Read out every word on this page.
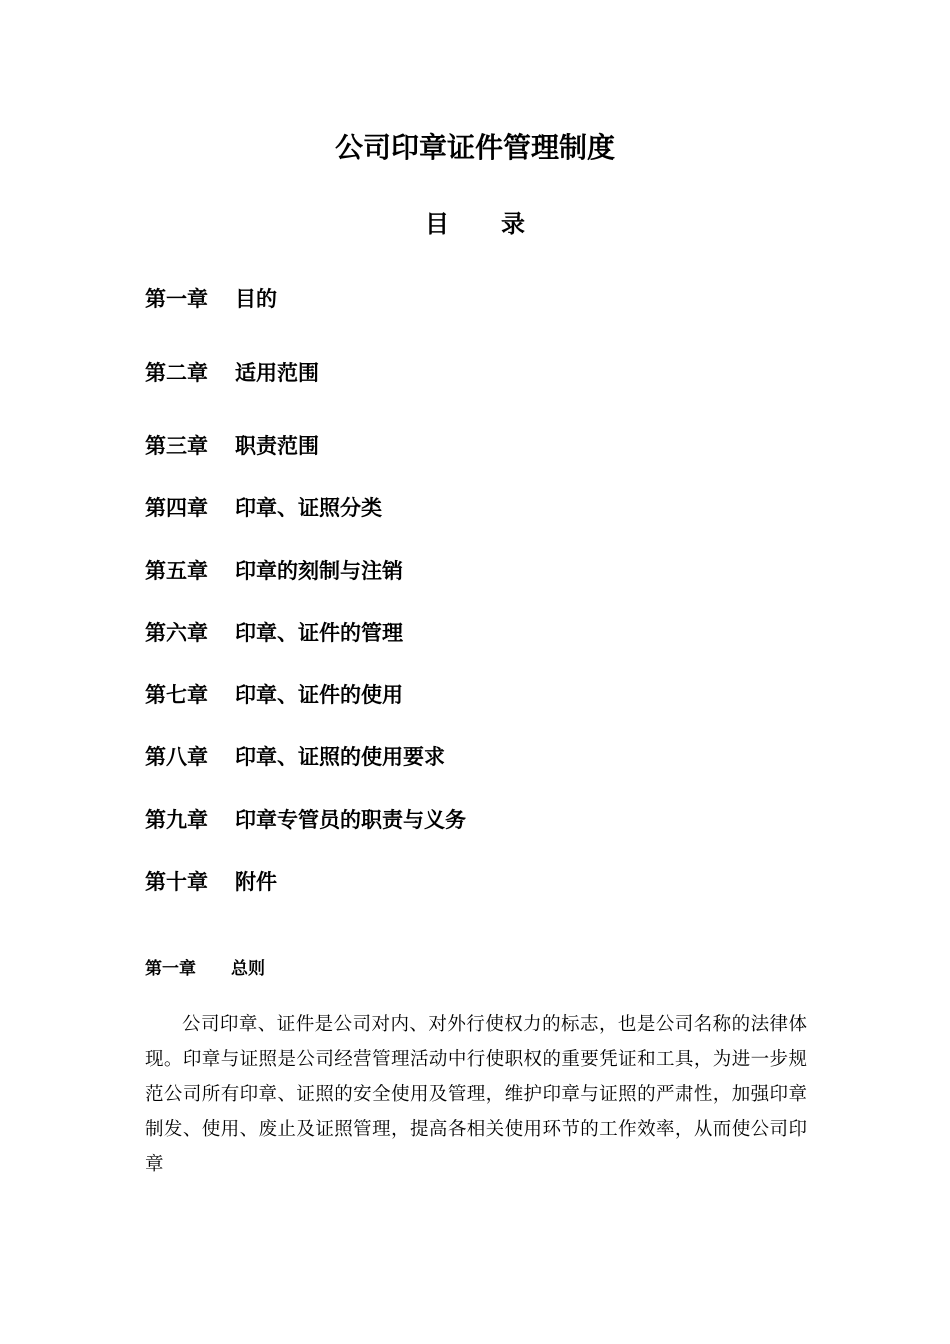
公司印章证件管理制度
目 录
第一章 目的
第二章 适用范围
第三章 职责范围
第四章 印章、证照分类
第五章 印章的刻制与注销
第六章 印章、证件的管理
第七章 印章、证件的使用
第八章 印章、证照的使用要求
第九章 印章专管员的职责与义务
第十章 附件
第一章 总则

公司印章、证件是公司对内、对外行使权力的标志，也是公司名称的法律体现。印章与证照是公司经营管理活动中行使职权的重要凭证和工具，为进一步规范公司所有印章、证照的安全使用及管理，维护印章与证照的严肃性，加强印章制发、使用、废止及证照管理，提高各相关使用环节的工作效率，从而使公司印章
